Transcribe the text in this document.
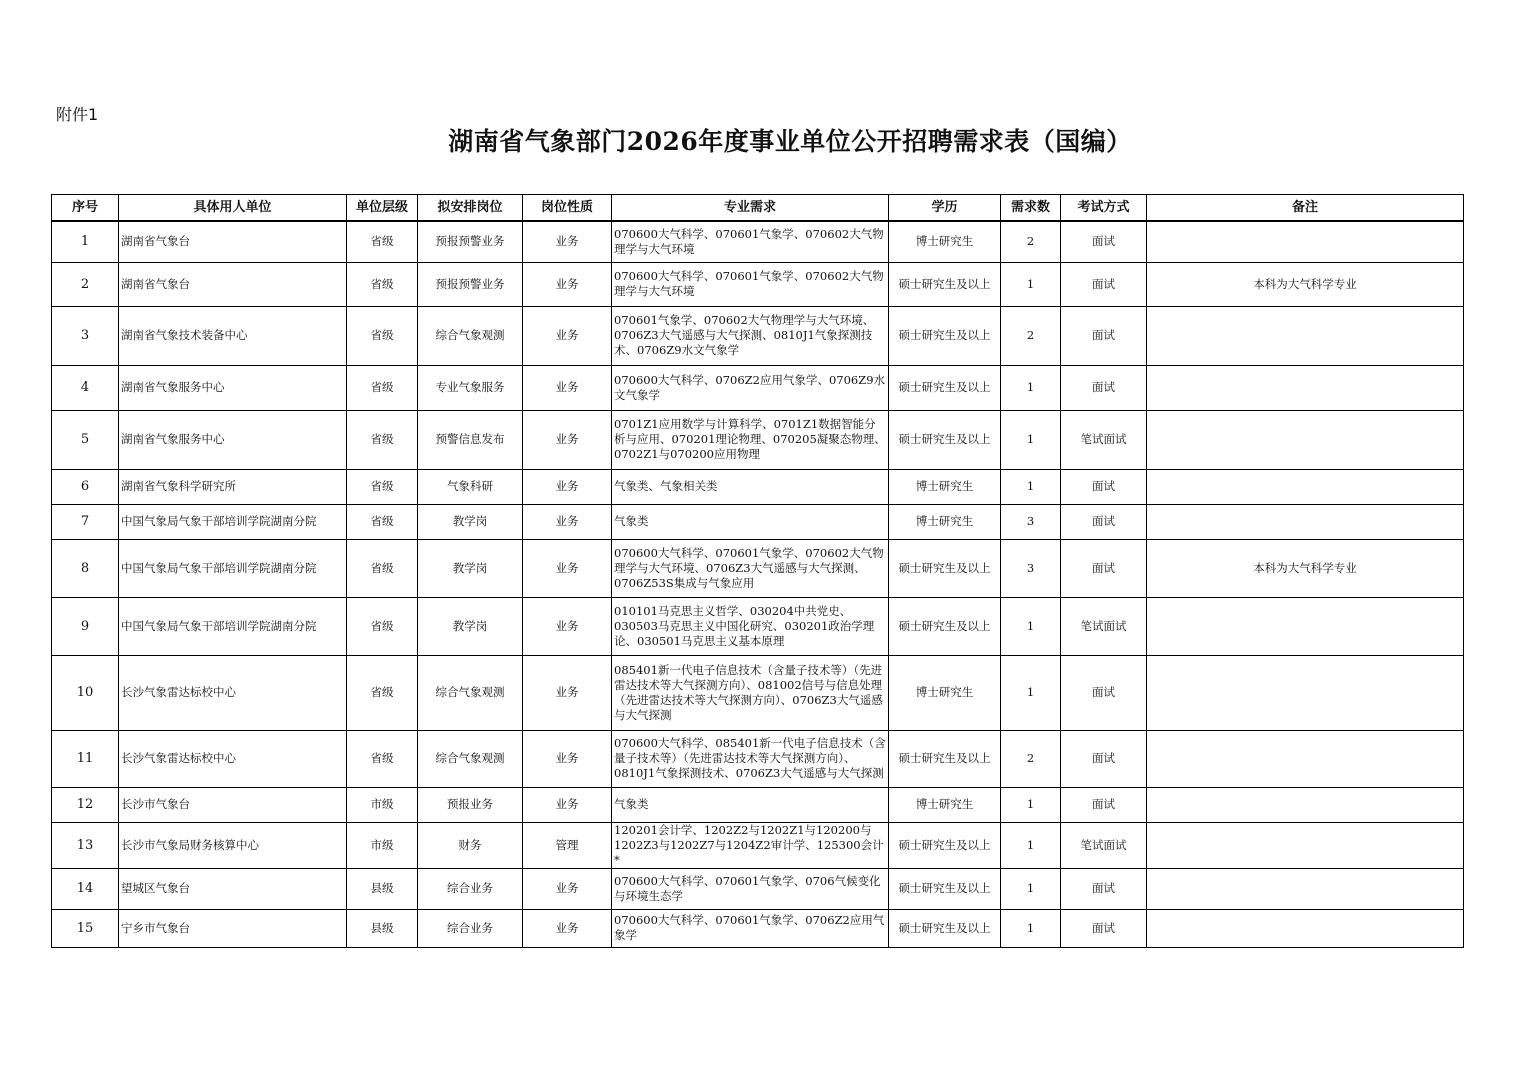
附件1
湖南省气象部门2026年度事业单位公开招聘需求表（国编）
序号	具体用人单位	单位层级	拟安排岗位	岗位性质	专业需求	学历	需求数	考试方式	备注
1	湖南省气象台	省级	预报预警业务	业务	070600大气科学、070601气象学、070602大气物理学与大气环境	博士研究生	2	面试	
2	湖南省气象台	省级	预报预警业务	业务	070600大气科学、070601气象学、070602大气物理学与大气环境	硕士研究生及以上	1	面试	本科为大气科学专业
3	湖南省气象技术装备中心	省级	综合气象观测	业务	070601气象学、070602大气物理学与大气环境、0706Z3大气遥感与大气探测、0810J1气象探测技术、0706Z9水文气象学	硕士研究生及以上	2	面试	
4	湖南省气象服务中心	省级	专业气象服务	业务	070600大气科学、0706Z2应用气象学、0706Z9水文气象学	硕士研究生及以上	1	面试	
5	湖南省气象服务中心	省级	预警信息发布	业务	0701Z1应用数学与计算科学、0701Z1数据智能分析与应用、070201理论物理、070205凝聚态物理、0702Z1与070200应用物理	硕士研究生及以上	1	笔试面试	
6	湖南省气象科学研究所	省级	气象科研	业务	气象类、气象相关类	博士研究生	1	面试	
7	中国气象局气象干部培训学院湖南分院	省级	教学岗	业务	气象类	博士研究生	3	面试	
8	中国气象局气象干部培训学院湖南分院	省级	教学岗	业务	070600大气科学、070601气象学、070602大气物理学与大气环境、0706Z3大气遥感与大气探测、0706Z53S集成与气象应用	硕士研究生及以上	3	面试	本科为大气科学专业
9	中国气象局气象干部培训学院湖南分院	省级	教学岗	业务	010101马克思主义哲学、030204中共党史、030503马克思主义中国化研究、030201政治学理论、030501马克思主义基本原理	硕士研究生及以上	1	笔试面试	
10	长沙气象雷达标校中心	省级	综合气象观测	业务	085401新一代电子信息技术（含量子技术等）（先进雷达技术等大气探测方向）、081002信号与信息处理（先进雷达技术等大气探测方向）、0706Z3大气遥感与大气探测	博士研究生	1	面试	
11	长沙气象雷达标校中心	省级	综合气象观测	业务	070600大气科学、085401新一代电子信息技术（含量子技术等）（先进雷达技术等大气探测方向）、0810J1气象探测技术、0706Z3大气遥感与大气探测	硕士研究生及以上	2	面试	
12	长沙市气象台	市级	预报业务	业务	气象类	博士研究生	1	面试	
13	长沙市气象局财务核算中心	市级	财务	管理	120201会计学、1202Z2与1202Z1与120200与1202Z3与1202Z7与1204Z2审计学、125300会计*	硕士研究生及以上	1	笔试面试	
14	望城区气象台	县级	综合业务	业务	070600大气科学、070601气象学、0706气候变化与环境生态学	硕士研究生及以上	1	面试	
15	宁乡市气象台	县级	综合业务	业务	070600大气科学、070601气象学、0706Z2应用气象学	硕士研究生及以上	1	面试	
